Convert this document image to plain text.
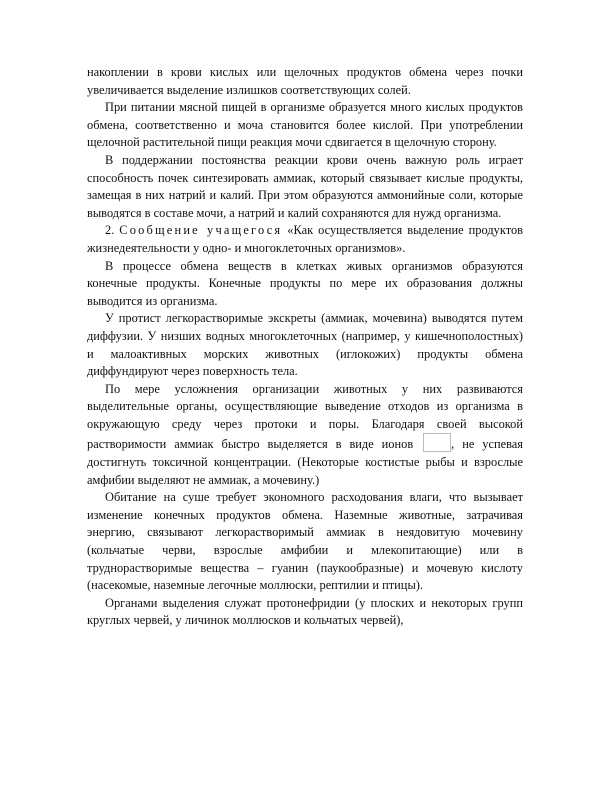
накоплении в крови кислых или щелочных продуктов обмена через почки увеличивается выделение излишков соответствующих солей.

При питании мясной пищей в организме образуется много кислых продуктов обмена, соответственно и моча становится более кислой. При употреблении щелочной растительной пищи реакция мочи сдвигается в щелочную сторону.

В поддержании постоянства реакции крови очень важную роль играет способность почек синтезировать аммиак, который связывает кислые продукты, замещая в них натрий и калий. При этом образуются аммонийные соли, которые выводятся в составе мочи, а натрий и калий сохраняются для нужд организма.

2. Сообщение учащегося «Как осуществляется выделение продуктов жизнедеятельности у одно- и многоклеточных организмов».

В процессе обмена веществ в клетках живых организмов образуются конечные продукты. Конечные продукты по мере их образования должны выводится из организма.

У протист легкорастворимые экскреты (аммиак, мочевина) выводятся путем диффузии. У низших водных многоклеточных (например, у кишечнополостных) и малоактивных морских животных (иглокожих) продукты обмена диффундируют через поверхность тела.

По мере усложнения организации животных у них развиваются выделительные органы, осуществляющие выведение отходов из организма в окружающую среду через протоки и поры. Благодаря своей высокой растворимости аммиак быстро выделяется в виде ионов	, не успевая достигнуть токсичной концентрации. (Некоторые костистые рыбы и взрослые амфибии выделяют не аммиак, а мочевину.)

Обитание на суше требует экономного расходования влаги, что вызывает изменение конечных продуктов обмена. Наземные животные, затрачивая энергию, связывают легкорастворимый аммиак в неядовитую мочевину (кольчатые черви, взрослые амфибии и млекопитающие) или в труднорастворимые вещества – гуанин (паукообразные) и мочевую кислоту (насекомые, наземные легочные моллюски, рептилии и птицы).

Органами выделения служат протонефридии (у плоских и некоторых групп круглых червей, у личинок моллюсков и кольчатых червей),
